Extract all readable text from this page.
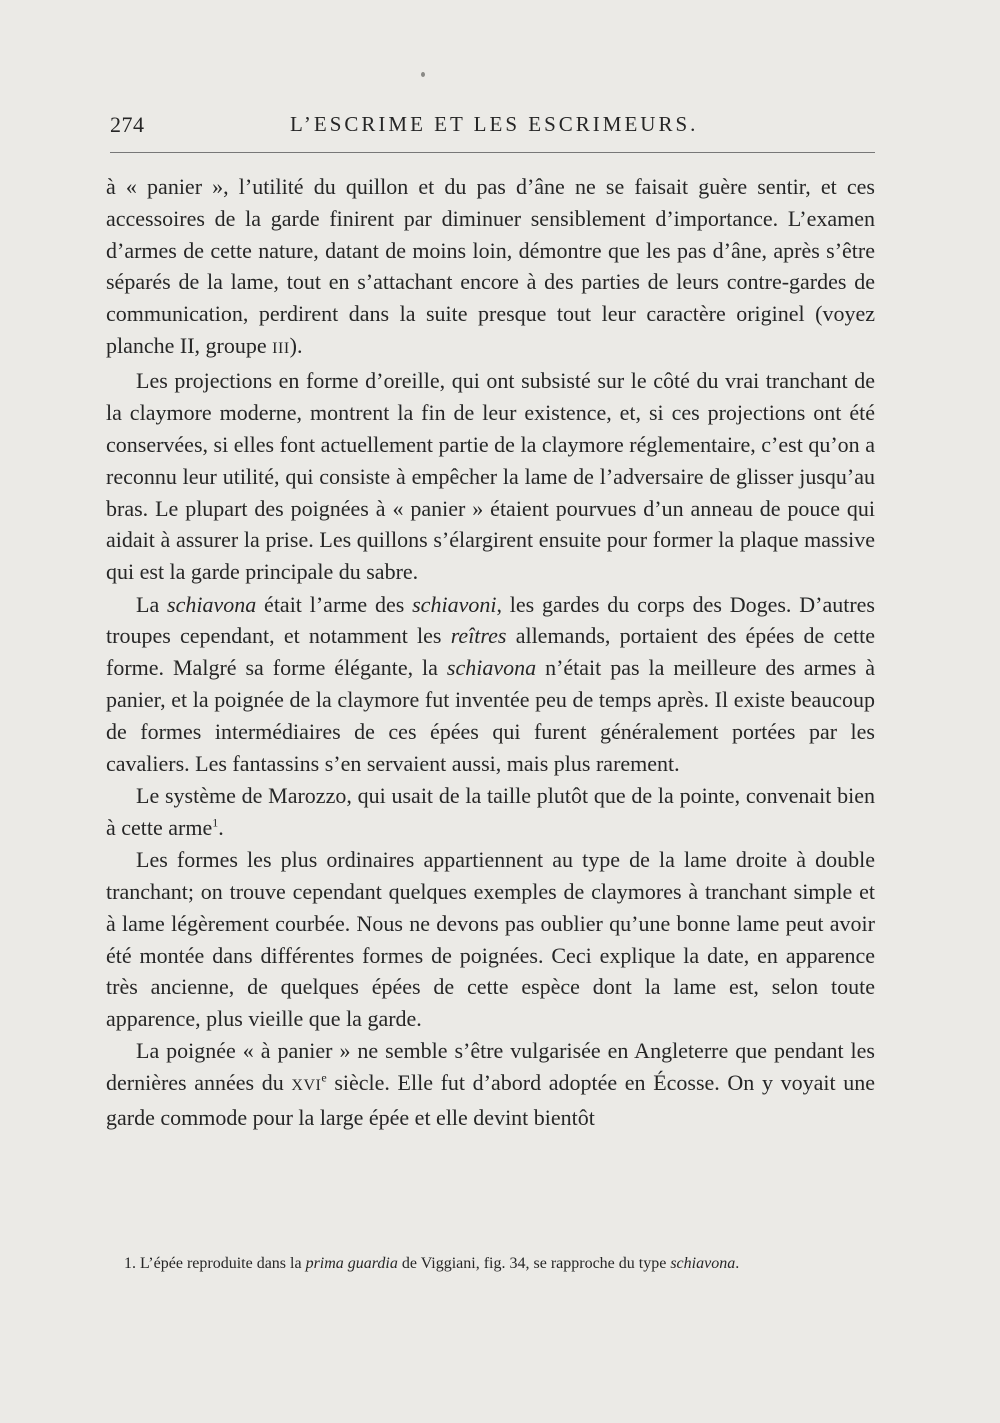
274	L’ESCRIME ET LES ESCRIMEURS.

à « panier », l’utilité du quillon et du pas d’âne ne se faisait guère sentir, et ces accessoires de la garde finirent par diminuer sensiblement d’importance. L’examen d’armes de cette nature, datant de moins loin, démontre que les pas d’âne, après s’être séparés de la lame, tout en s’attachant encore à des parties de leurs contre-gardes de communication, perdirent dans la suite presque tout leur caractère originel (voyez planche II, groupe III).

Les projections en forme d’oreille, qui ont subsisté sur le côté du vrai tranchant de la claymore moderne, montrent la fin de leur existence, et, si ces projections ont été conservées, si elles font actuellement partie de la claymore réglementaire, c’est qu’on a reconnu leur utilité, qui consiste à empêcher la lame de l’adversaire de glisser jusqu’au bras. Le plupart des poignées à « panier » étaient pourvues d’un anneau de pouce qui aidait à assurer la prise. Les quillons s’élargirent ensuite pour former la plaque massive qui est la garde principale du sabre.

La schiavona était l’arme des schiavoni, les gardes du corps des Doges. D’autres troupes cependant, et notamment les reîtres allemands, portaient des épées de cette forme. Malgré sa forme élégante, la schiavona n’était pas la meilleure des armes à panier, et la poignée de la claymore fut inventée peu de temps après. Il existe beaucoup de formes intermédiaires de ces épées qui furent généralement portées par les cavaliers. Les fantassins s’en servaient aussi, mais plus rarement.

Le système de Marozzo, qui usait de la taille plutôt que de la pointe, convenait bien à cette arme$^1$.

Les formes les plus ordinaires appartiennent au type de la lame droite à double tranchant; on trouve cependant quelques exemples de claymores à tranchant simple et à lame légèrement courbée. Nous ne devons pas oublier qu’une bonne lame peut avoir été montée dans différentes formes de poignées. Ceci explique la date, en apparence très ancienne, de quelques épées de cette espèce dont la lame est, selon toute apparence, plus vieille que la garde.

La poignée « à panier » ne semble s’être vulgarisée en Angleterre que pendant les dernières années du XVIe siècle. Elle fut d’abord adoptée en Écosse. On y voyait une garde commode pour la large épée et elle devint bientôt

1. L’épée reproduite dans la prima guardia de Viggiani, fig. 34, se rapproche du type schiavona.
